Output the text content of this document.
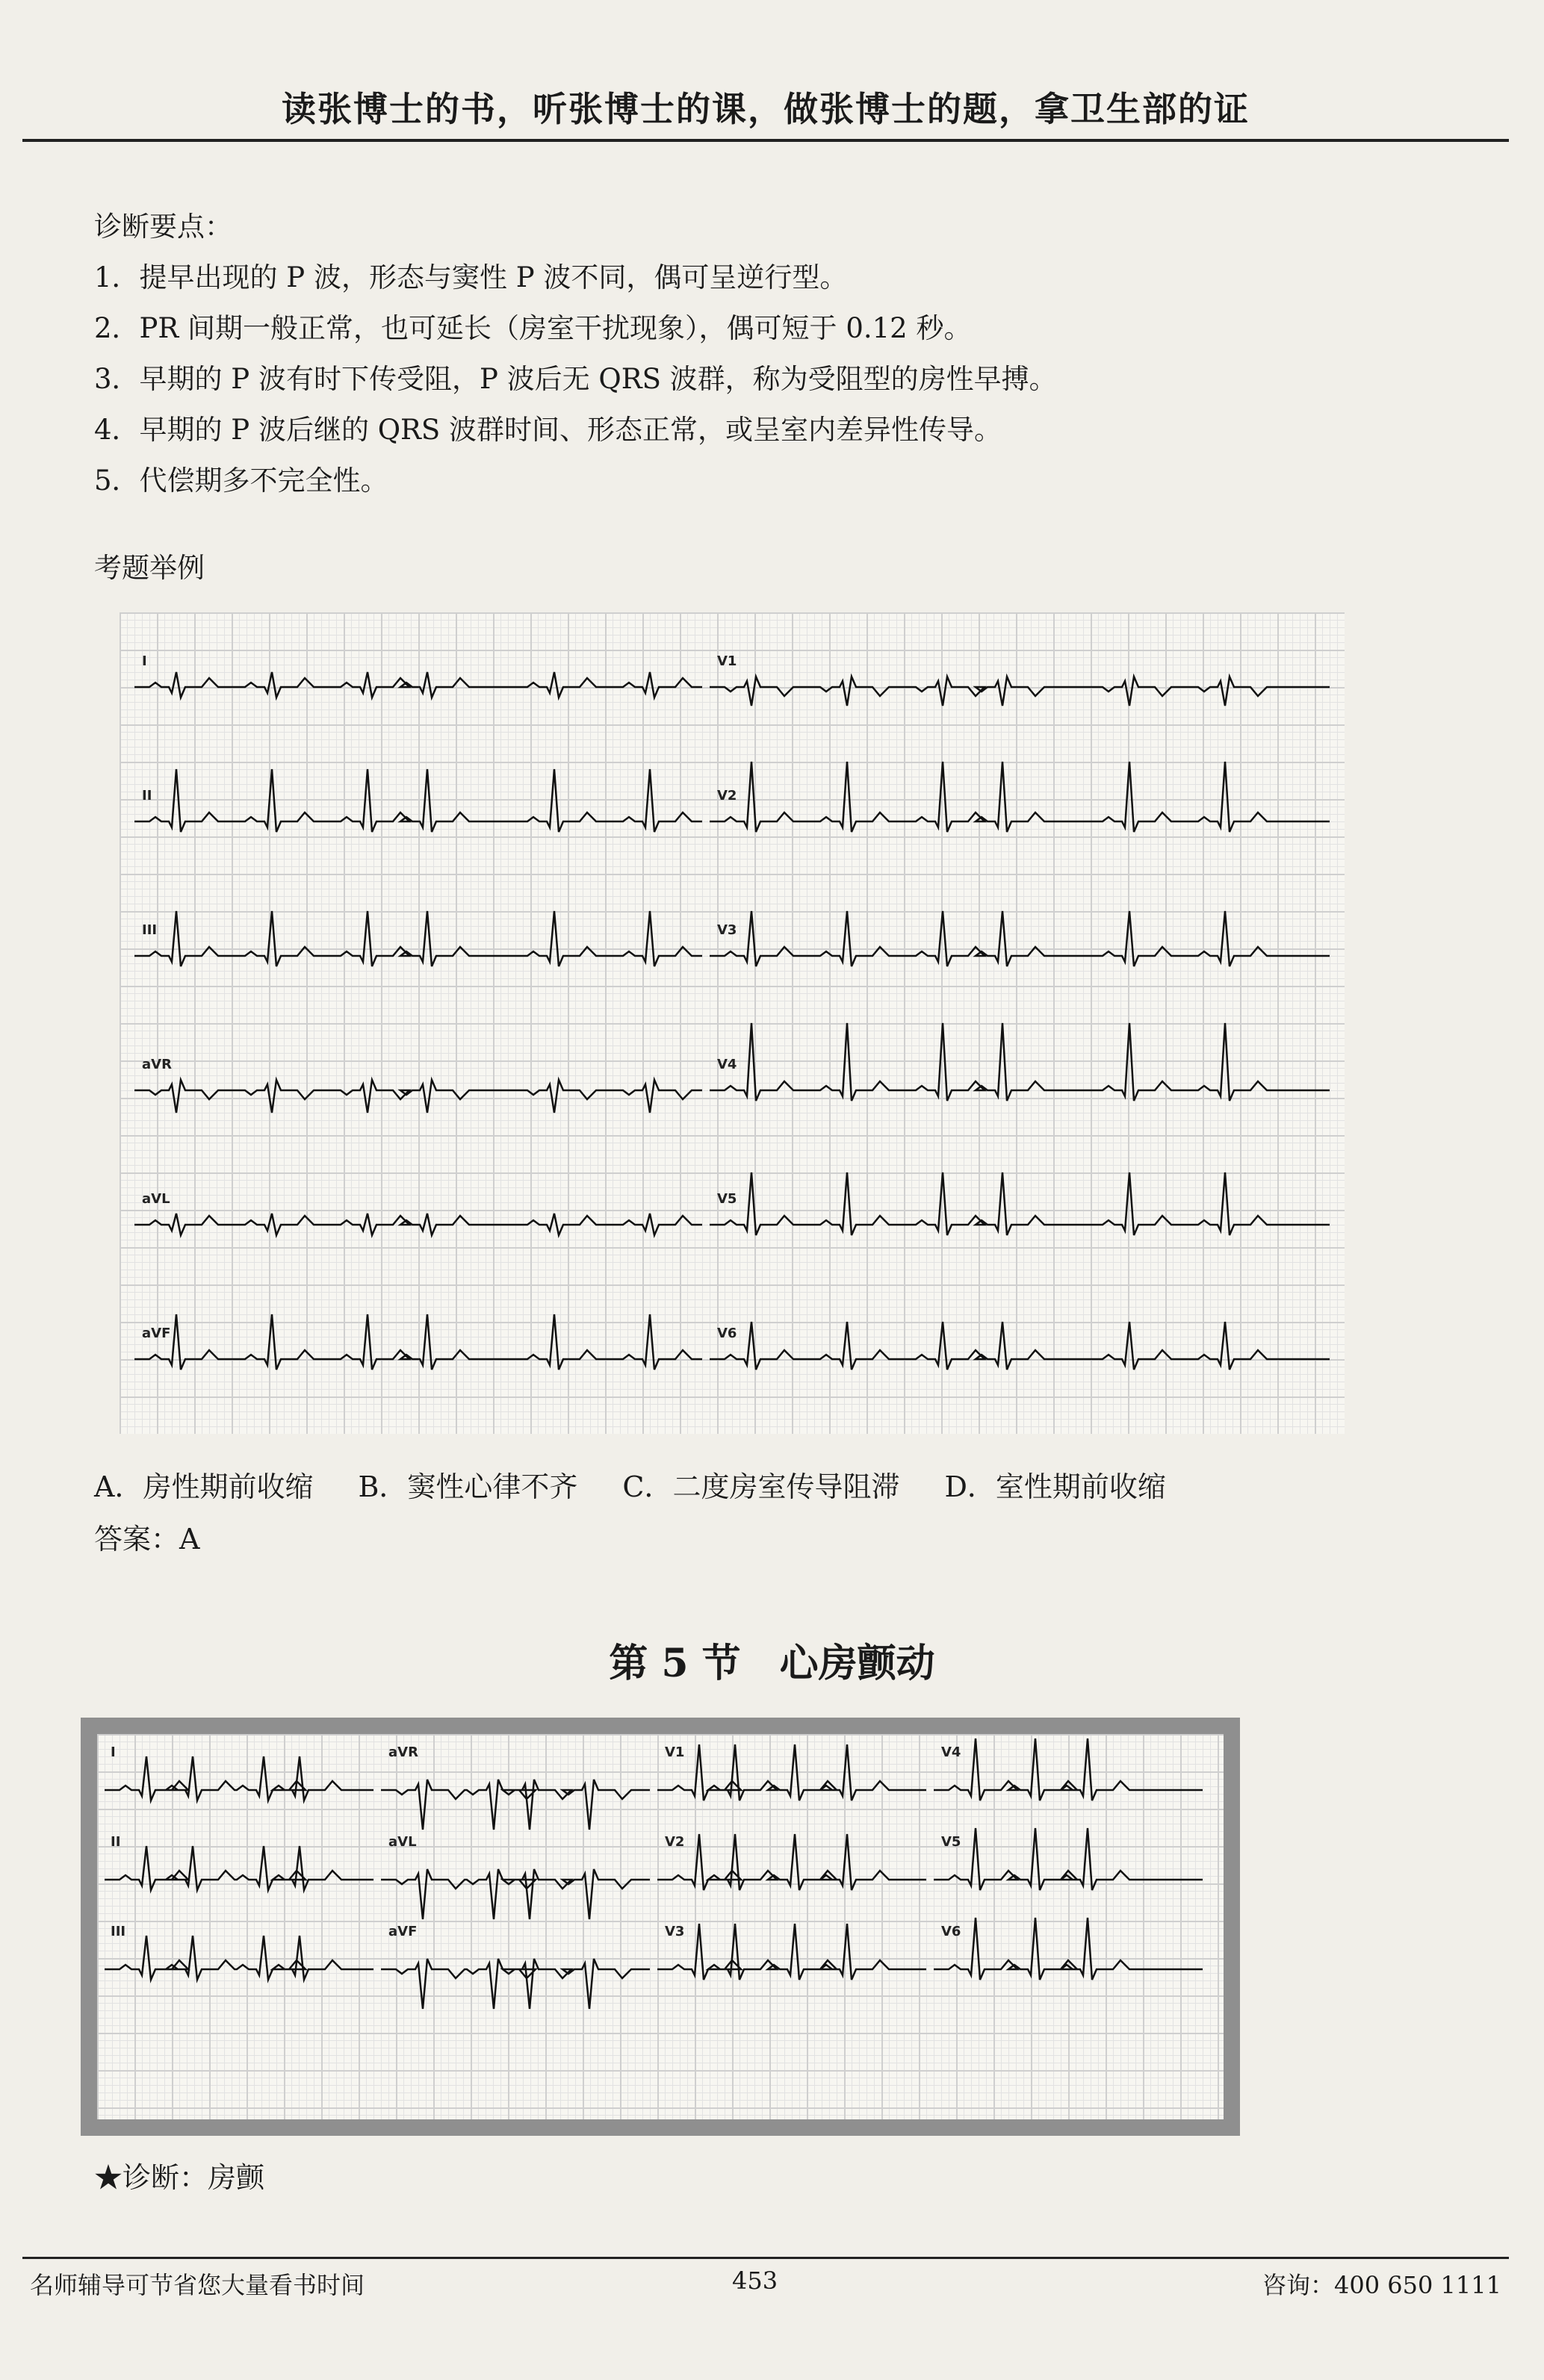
读张博士的书，听张博士的课，做张博士的题，拿卫生部的证

诊断要点：

1．提早出现的 P 波，形态与窦性 P 波不同，偶可呈逆行型。

2．PR 间期一般正常，也可延长（房室干扰现象），偶可短于 0.12 秒。

3．早期的 P 波有时下传受阻，P 波后无 QRS 波群，称为受阻型的房性早搏。

4．早期的 P 波后继的 QRS 波群时间、形态正常，或呈室内差异性传导。

5．代偿期多不完全性。

考题举例
I
II
III
aVR
aVL
aVF
V1
V2
V3
V4
V5
V6
A．房性期前收缩 B．窦性心律不齐 C．二度房室传导阻滞 D．室性期前收缩
答案：A
第 5 节　心房颤动
I	aVR	V1	V4
II	aVL	V2	V5
III	aVF	V3	V6
★诊断：房颤
名师辅导可节省您大量看书时间	453	咨询：400 650 1111
